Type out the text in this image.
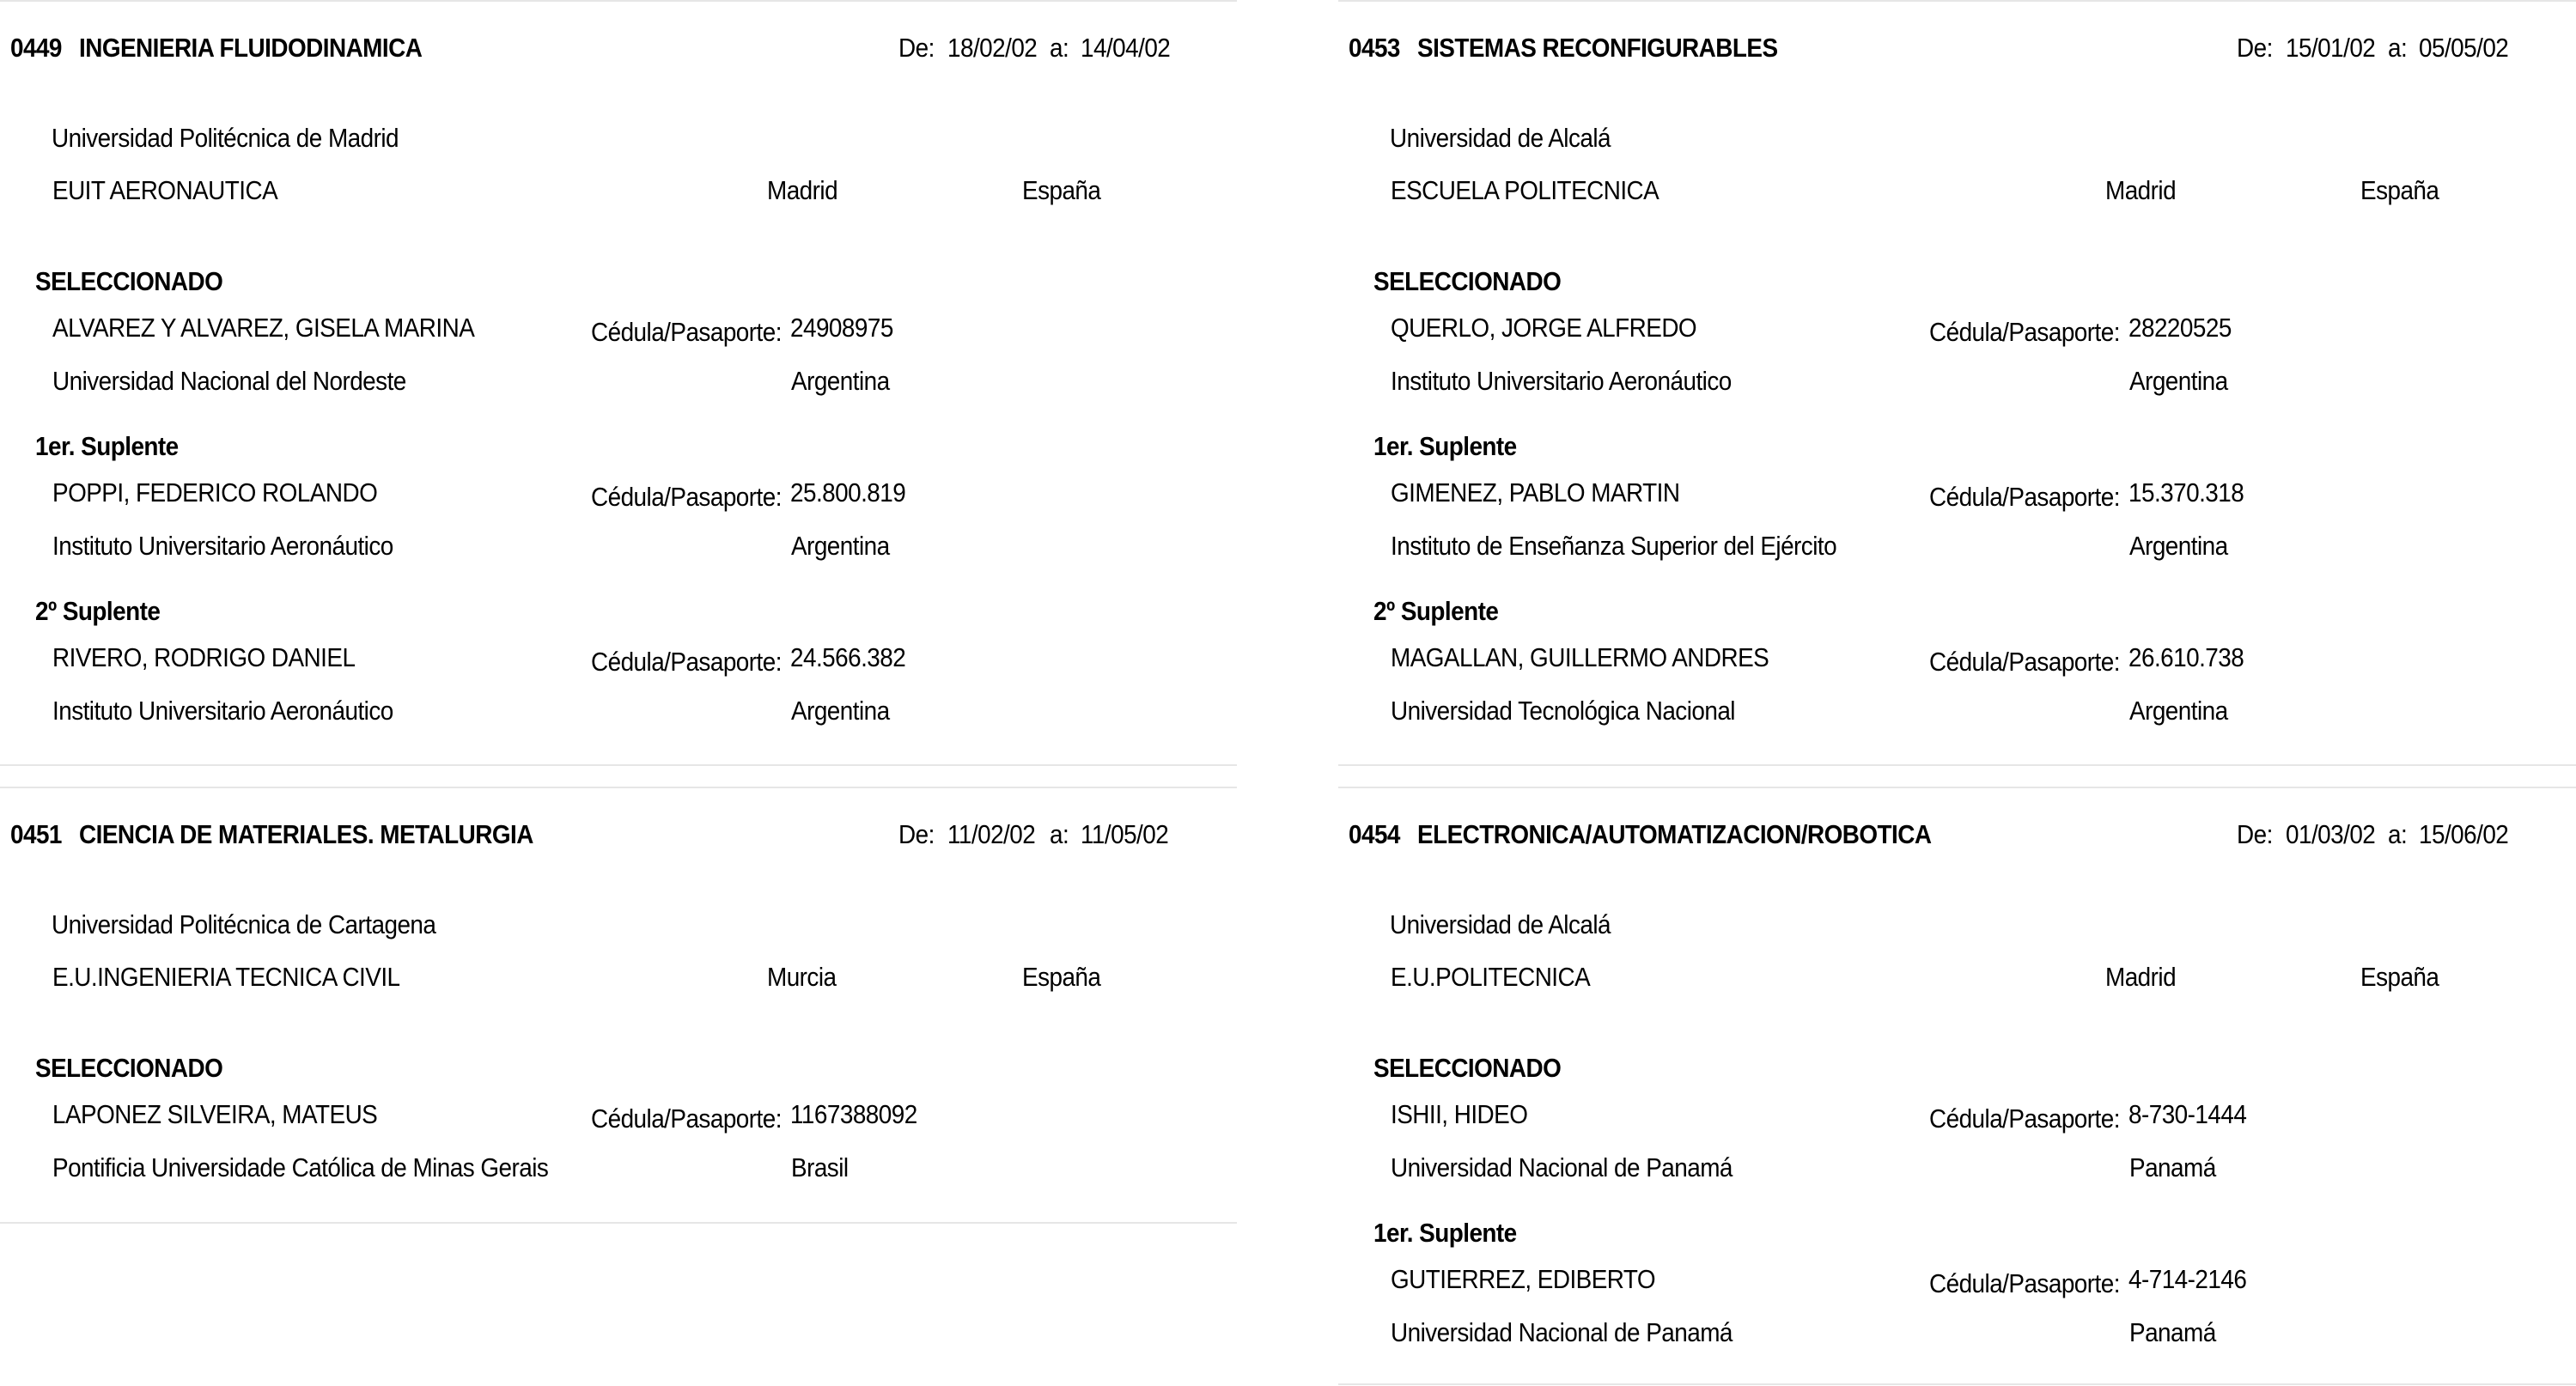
0449 INGENIERIA FLUIDODINAMICA	De: 18/02/02 a: 14/04/02
Universidad Politécnica de Madrid
EUIT AERONAUTICA	Madrid	España
SELECCIONADO
ALVAREZ Y ALVAREZ, GISELA MARINA	Cédula/Pasaporte: 24908975
Universidad Nacional del Nordeste	Argentina
1er. Suplente
POPPI, FEDERICO ROLANDO	Cédula/Pasaporte: 25.800.819
Instituto Universitario Aeronáutico	Argentina
2º Suplente
RIVERO, RODRIGO DANIEL	Cédula/Pasaporte: 24.566.382
Instituto Universitario Aeronáutico	Argentina
0453 SISTEMAS RECONFIGURABLES	De: 15/01/02 a: 05/05/02
Universidad de Alcalá
ESCUELA POLITECNICA	Madrid	España
SELECCIONADO
QUERLO, JORGE ALFREDO	Cédula/Pasaporte: 28220525
Instituto Universitario Aeronáutico	Argentina
1er. Suplente
GIMENEZ, PABLO MARTIN	Cédula/Pasaporte: 15.370.318
Instituto de Enseñanza Superior del Ejército	Argentina
2º Suplente
MAGALLAN, GUILLERMO ANDRES	Cédula/Pasaporte: 26.610.738
Universidad Tecnológica Nacional	Argentina
0451 CIENCIA DE MATERIALES. METALURGIA	De: 11/02/02 a: 11/05/02
Universidad Politécnica de Cartagena
E.U.INGENIERIA TECNICA CIVIL	Murcia	España
SELECCIONADO
LAPONEZ SILVEIRA, MATEUS	Cédula/Pasaporte: 1167388092
Pontificia Universidade Católica de Minas Gerais	Brasil
0454 ELECTRONICA/AUTOMATIZACION/ROBOTICA	De: 01/03/02 a: 15/06/02
Universidad de Alcalá
E.U.POLITECNICA	Madrid	España
SELECCIONADO
ISHII, HIDEO	Cédula/Pasaporte: 8-730-1444
Universidad Nacional de Panamá	Panamá
1er. Suplente
GUTIERREZ, EDIBERTO	Cédula/Pasaporte: 4-714-2146
Universidad Nacional de Panamá	Panamá
